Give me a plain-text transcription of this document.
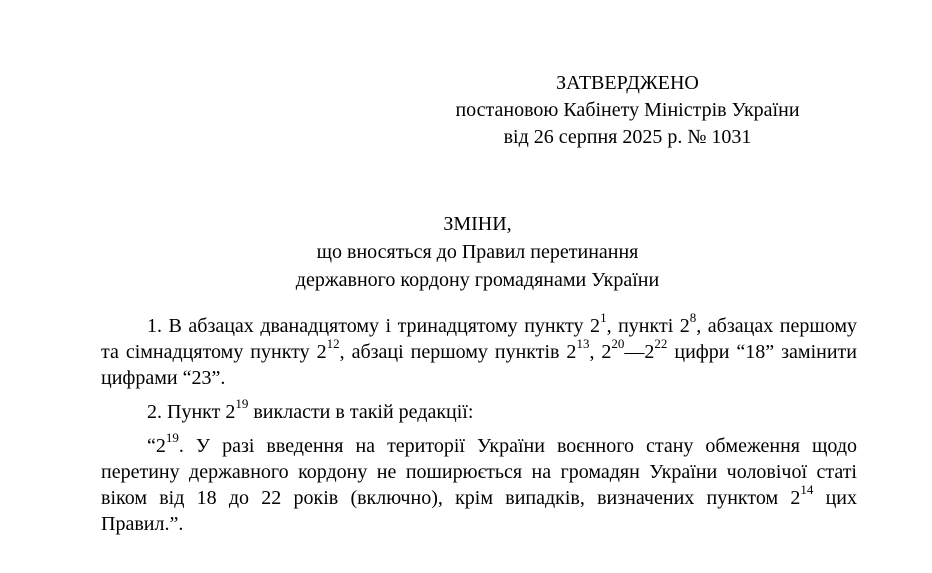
ЗАТВЕРДЖЕНО
постановою Кабінету Міністрів України
від 26 серпня 2025 р. № 1031
ЗМІНИ,
що вносяться до Правил перетинання
державного кордону громадянами України

1. В абзацах дванадцятому і тринадцятому пункту $2^1$, пункті $2^8$, абзацах першому та сімнадцятому пункту $2^{12}$, абзаці першому пунктів $2^{13}$, $2^{20}—2^{22}$ цифри “18” замінити цифрами “23”.

2. Пункт $2^{19}$ викласти в такій редакції:

“$2^{19}$. У разі введення на території України воєнного стану обмеження щодо перетину державного кордону не поширюється на громадян України чоловічої статі віком від 18 до 22 років (включно), крім випадків, визначених пунктом $2^{14}$ цих Правил.”.
